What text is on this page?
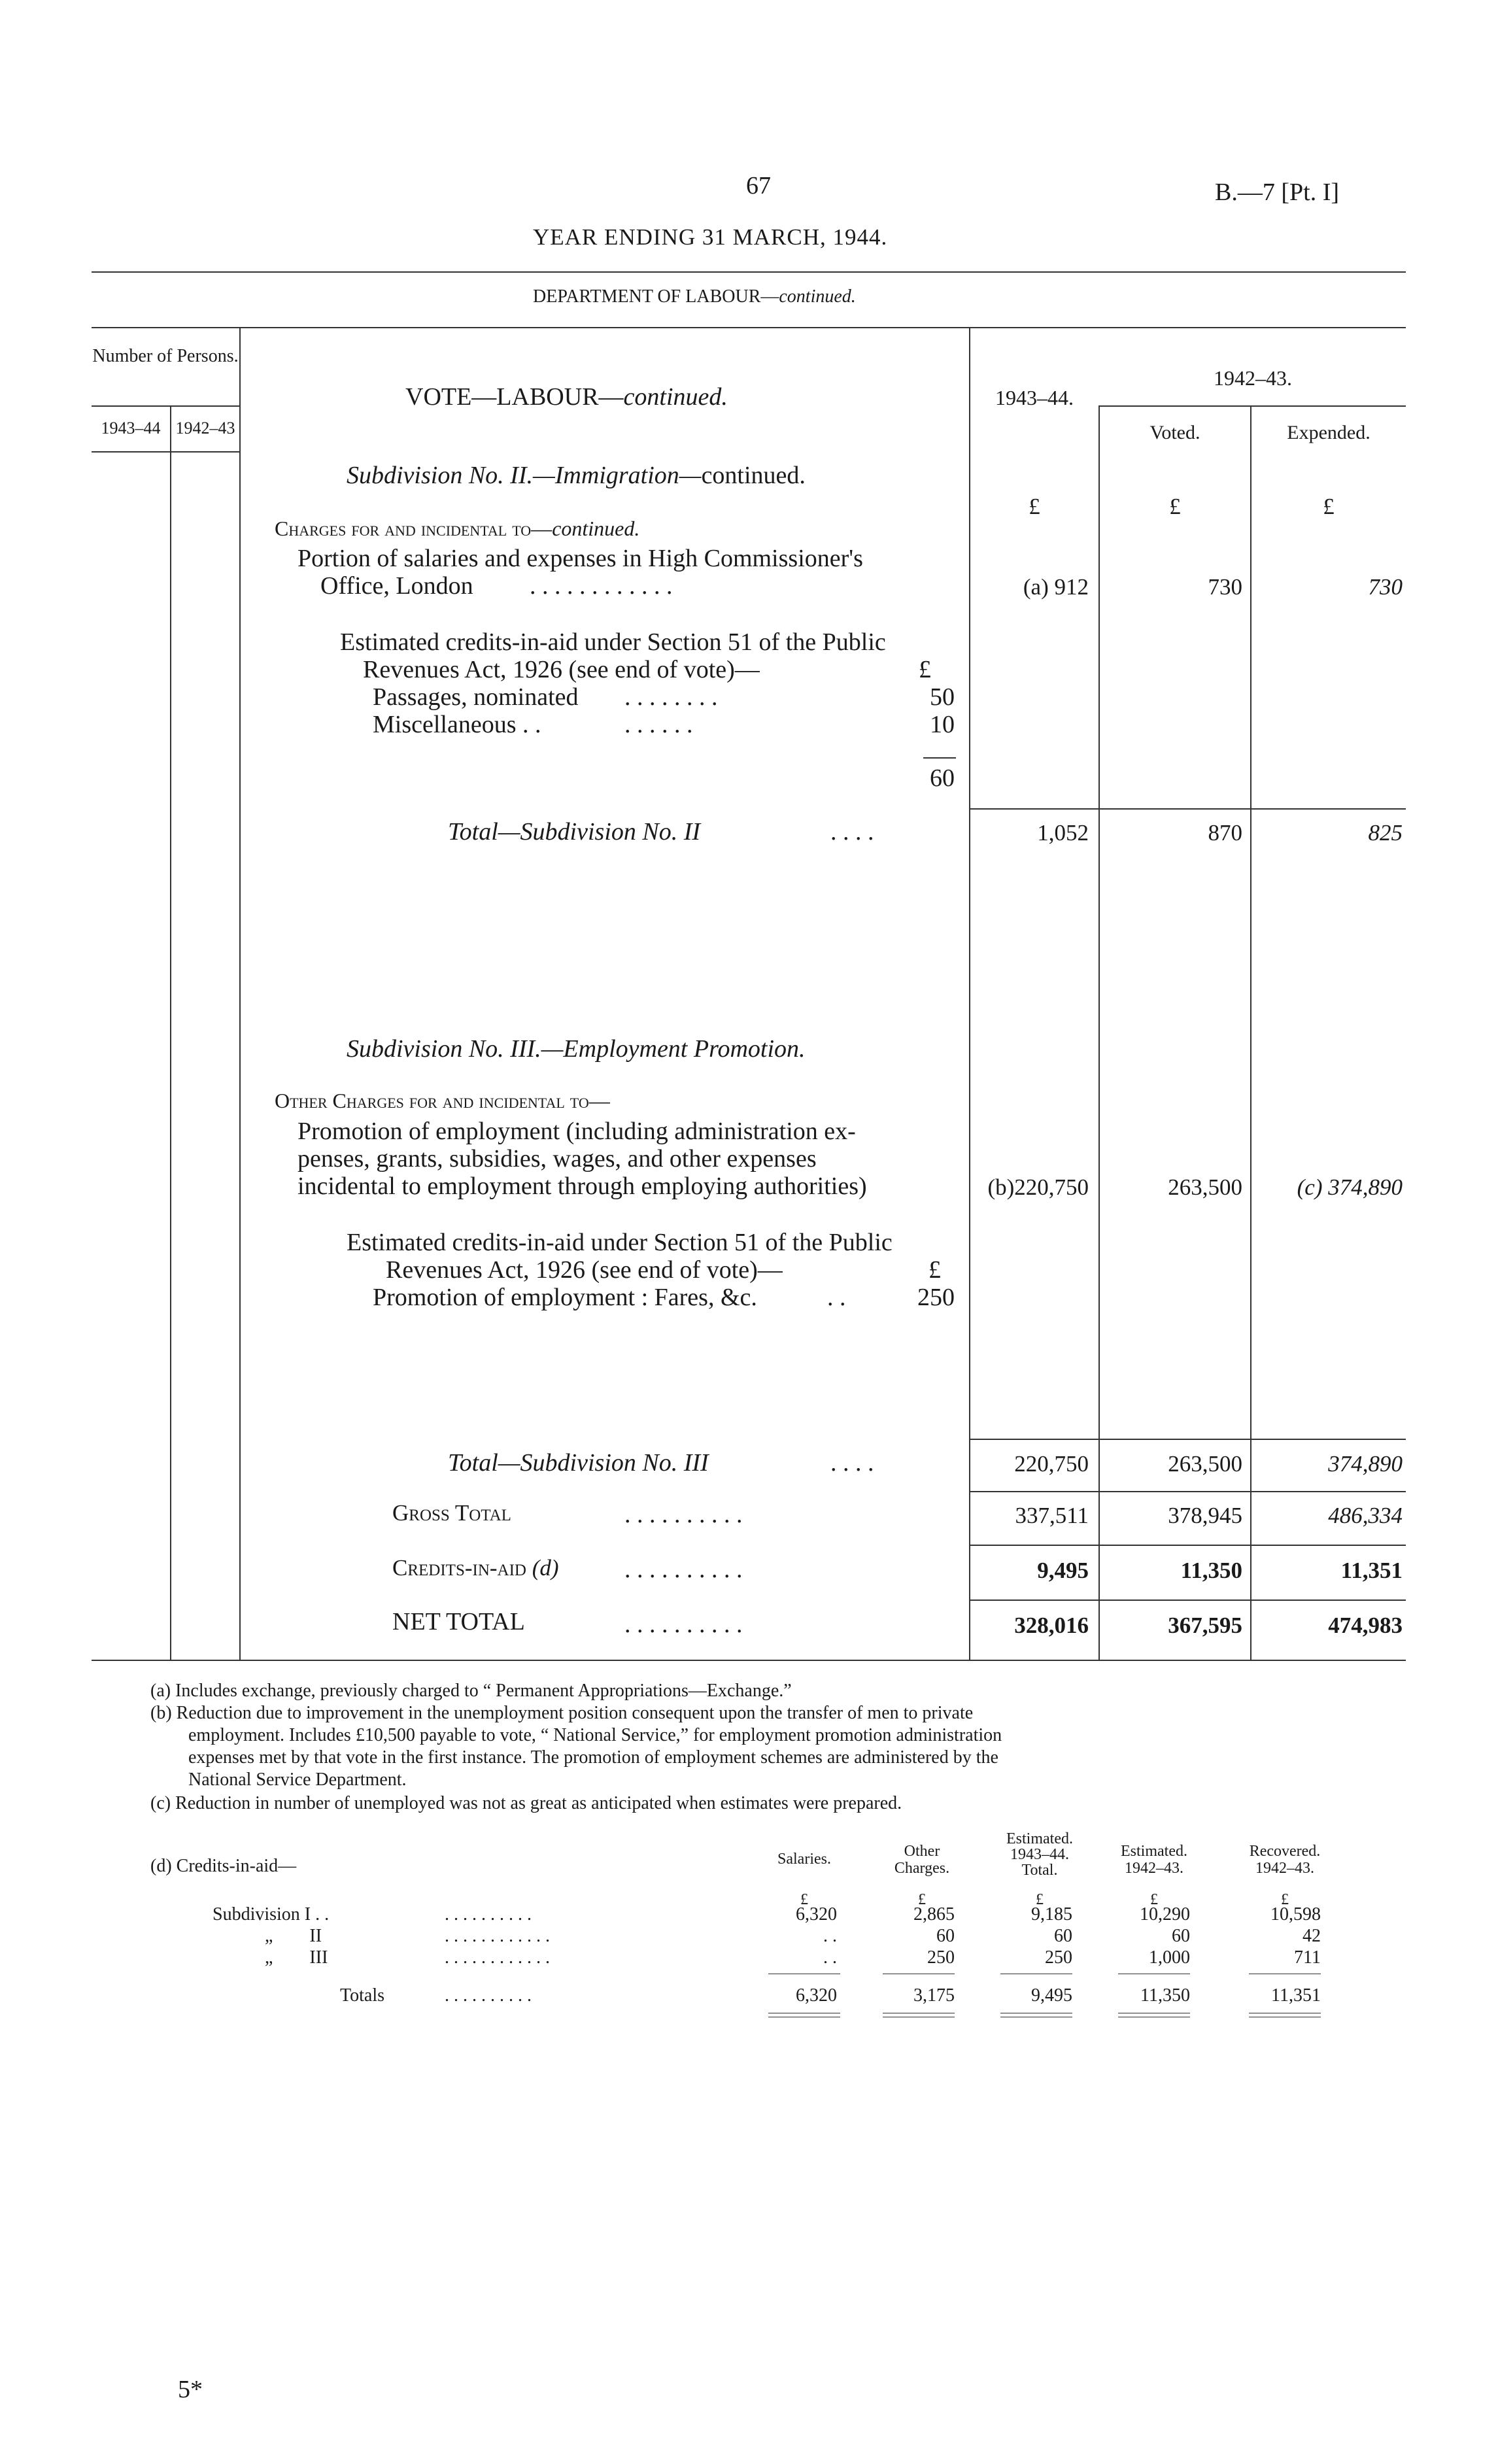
67	B.—7 [Pt. I]
YEAR ENDING 31 MARCH, 1944.
DEPARTMENT OF LABOUR—continued.
Number of Persons.
1943–44 1942–43
VOTE—LABOUR—continued.	1943–44.
1942–43.
Voted.	Expended.
Subdivision No. II.—Immigration—continued.
£	£	£
Charges for and incidental to—continued.
Portion of salaries and expenses in High Commissioner's
Office, London . . . . . . . . . . . .	(a) 912	730	730
Estimated credits-in-aid under Section 51 of the Public
Revenues Act, 1926 (see end of vote)—	£
Passages, nominated . . . . . . . .	50
Miscellaneous . .	. . . . . .	10
60
Total—Subdivision No. II	. . . .	1,052	870	825
Subdivision No. III.—Employment Promotion.
Other Charges for and incidental to—
Promotion of employment (including administration ex-
penses, grants, subsidies, wages, and other expenses
incidental to employment through employing authorities)	(b)220,750	263,500	(c) 374,890
Estimated credits-in-aid under Section 51 of the Public
Revenues Act, 1926 (see end of vote)—	£
Promotion of employment : Fares, &c.	. .	250
Total—Subdivision No. III	. . . .	220,750	263,500	374,890
Gross Total	. . . . . . . . . .	337,511	378,945	486,334
Credits-in-aid (d)	. . . . . . . . . .	9,495	11,350	11,351
NET TOTAL	. . . . . . . . . .	328,016	367,595	474,983
(a) Includes exchange, previously charged to “ Permanent Appropriations—Exchange.”
(b) Reduction due to improvement in the unemployment position consequent upon the transfer of men to private
employment. Includes £10,500 payable to vote, “ National Service,” for employment promotion administration
expenses met by that vote in the first instance. The promotion of employment schemes are administered by the
National Service Department.
(c) Reduction in number of unemployed was not as great as anticipated when estimates were prepared.
(d) Credits-in-aid—	Salaries.	Other
Charges.
Estimated.
1943–44.
Total.
Estimated.
1942–43.
Recovered.
1942–43.
£	£	£	£	£
Subdivision I . .	. . . . . . . . . .	6,320	2,865	9,185	10,290	10,598
„        II	. . . . . . . . . . . .	. .	60	60	60	42
„        III	. . . . . . . . . . . .	. .	250	250	1,000	711
Totals	. . . . . . . . . .	6,320	3,175	9,495	11,350	11,351
5*
